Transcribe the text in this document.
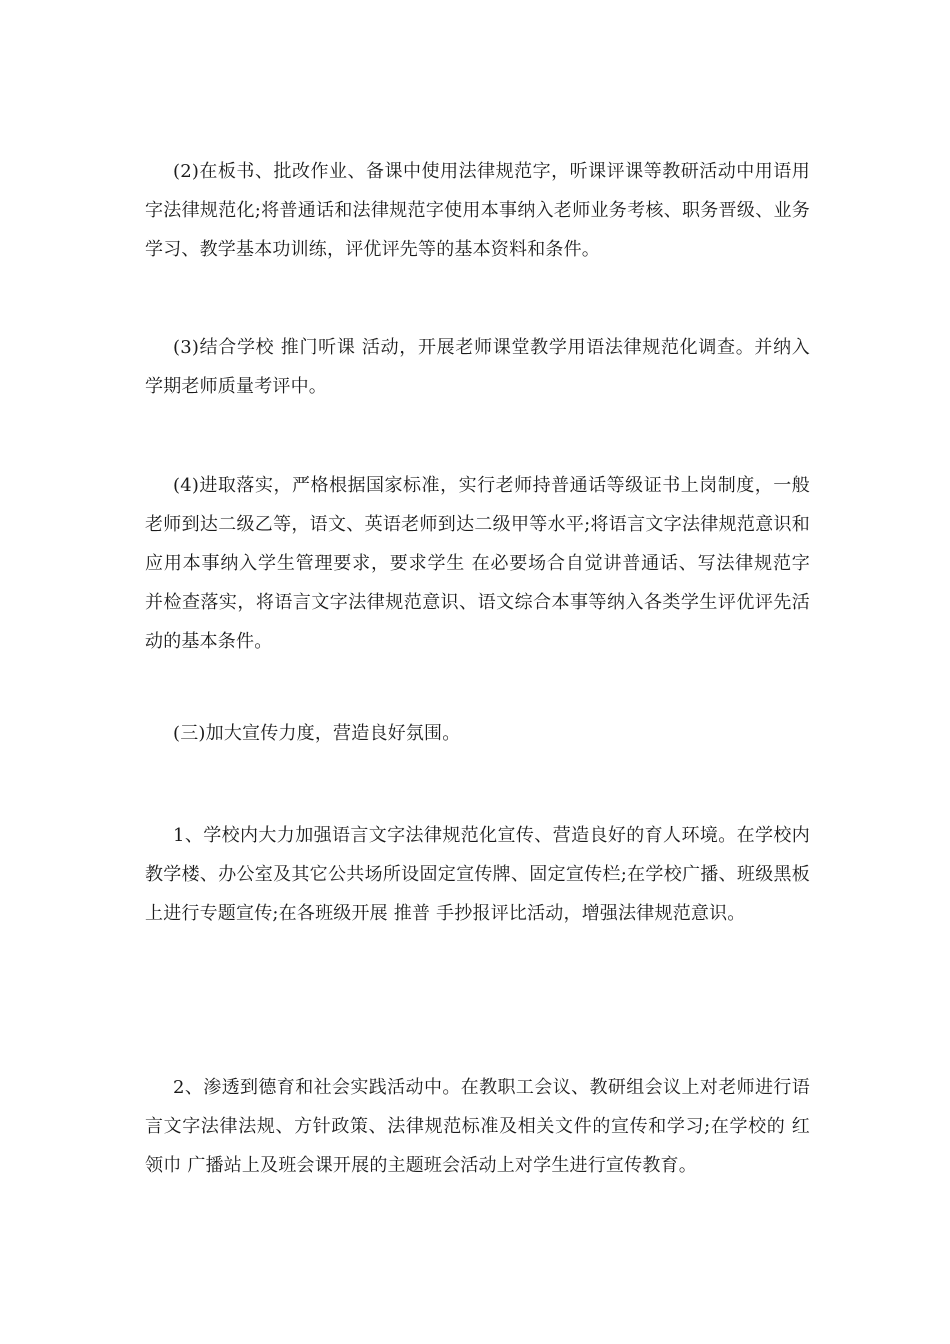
(2)在板书、批改作业、备课中使用法律规范字，听课评课等教研活动中用语用字法律规范化;将普通话和法律规范字使用本事纳入老师业务考核、职务晋级、业务学习、教学基本功训练，评优评先等的基本资料和条件。

(3)结合学校 推门听课 活动，开展老师课堂教学用语法律规范化调查。并纳入学期老师质量考评中。

(4)进取落实，严格根据国家标准，实行老师持普通话等级证书上岗制度，一般老师到达二级乙等，语文、英语老师到达二级甲等水平;将语言文字法律规范意识和应用本事纳入学生管理要求，要求学生 在必要场合自觉讲普通话、写法律规范字 并检查落实，将语言文字法律规范意识、语文综合本事等纳入各类学生评优评先活动的基本条件。

(三)加大宣传力度，营造良好氛围。

1、学校内大力加强语言文字法律规范化宣传、营造良好的育人环境。在学校内教学楼、办公室及其它公共场所设固定宣传牌、固定宣传栏;在学校广播、班级黑板上进行专题宣传;在各班级开展 推普 手抄报评比活动，增强法律规范意识。

2、渗透到德育和社会实践活动中。在教职工会议、教研组会议上对老师进行语言文字法律法规、方针政策、法律规范标准及相关文件的宣传和学习;在学校的 红领巾 广播站上及班会课开展的主题班会活动上对学生进行宣传教育。
